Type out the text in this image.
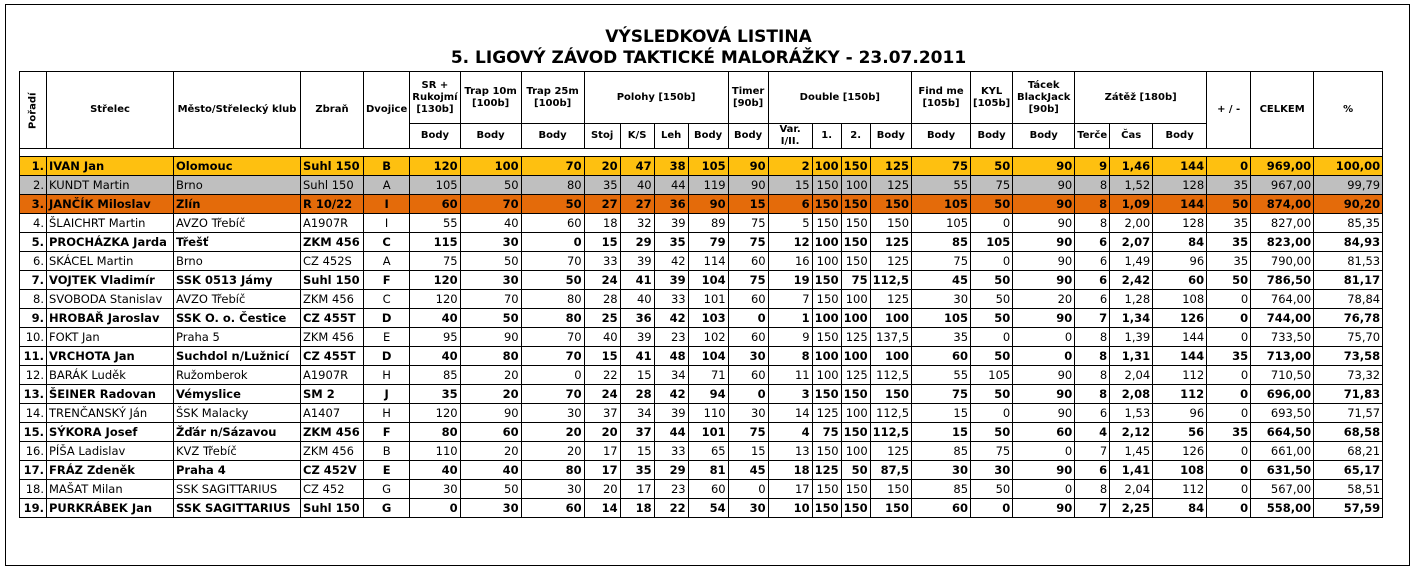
VÝSLEDKOVÁ LISTINA
5. LIGOVÝ ZÁVOD TAKTICKÉ MALORÁŽKY - 23.07.2011
Pořadí	Střelec	Město/Střelecký klub	Zbraň	Dvojice	SR + Rukojmí [130b]	Trap 10m [100b]	Trap 25m [100b]	Polohy [150b]				Timer [90b]	Double [150b]				Find me [105b]	KYL [105b]	Tácek BlackJack [90b]	Zátěž [180b]			+ / -	CELKEM	%
					Body	Body	Body	Stoj	K/S	Leh	Body	Body	Var. I/II.	1.	2.	Body	Body	Body	Body	Terče	Čas	Body			

1.	IVAN Jan	Olomouc	Suhl 150	B	120	100	70	20	47	38	105	90	2	100	150	125	75	50	90	9	1,46	144	0	969,00	100,00
2.	KUNDT Martin	Brno	Suhl 150	A	105	50	80	35	40	44	119	90	15	150	100	125	55	75	90	8	1,52	128	35	967,00	99,79
3.	JANČÍK Miloslav	Zlín	R 10/22	I	60	70	50	27	27	36	90	15	6	150	150	150	105	50	90	8	1,09	144	50	874,00	90,20
4.	ŠLAICHRT Martin	AVZO Třebíč	A1907R	I	55	40	60	18	32	39	89	75	5	150	150	150	105	0	90	8	2,00	128	35	827,00	85,35
5.	PROCHÁZKA Jarda	Třešť	ZKM 456	C	115	30	0	15	29	35	79	75	12	100	150	125	85	105	90	6	2,07	84	35	823,00	84,93
6.	SKÁCEL Martin	Brno	CZ 452S	A	75	50	70	33	39	42	114	60	16	100	150	125	75	0	90	6	1,49	96	35	790,00	81,53
7.	VOJTEK Vladimír	SSK 0513 Jámy	Suhl 150	F	120	30	50	24	41	39	104	75	19	150	75	112,5	45	50	90	6	2,42	60	50	786,50	81,17
8.	SVOBODA Stanislav	AVZO Třebíč	ZKM 456	C	120	70	80	28	40	33	101	60	7	150	100	125	30	50	20	6	1,28	108	0	764,00	78,84
9.	HROBAŘ Jaroslav	SSK O. o. Čestice	CZ 455T	D	40	50	80	25	36	42	103	0	1	100	100	100	105	50	90	7	1,34	126	0	744,00	76,78
10.	FOKT Jan	Praha 5	ZKM 456	E	95	90	70	40	39	23	102	60	9	150	125	137,5	35	0	0	8	1,39	144	0	733,50	75,70
11.	VRCHOTA Jan	Suchdol n/Lužnicí	CZ 455T	D	40	80	70	15	41	48	104	30	8	100	100	100	60	50	0	8	1,31	144	35	713,00	73,58
12.	BARÁK Luděk	Ružomberok	A1907R	H	85	20	0	22	15	34	71	60	11	100	125	112,5	55	105	90	8	2,04	112	0	710,50	73,32
13.	ŠEINER Radovan	Vémyslice	SM 2	J	35	20	70	24	28	42	94	0	3	150	150	150	75	50	90	8	2,08	112	0	696,00	71,83
14.	TRENČANSKÝ Ján	ŠSK Malacky	A1407	H	120	90	30	37	34	39	110	30	14	125	100	112,5	15	0	90	6	1,53	96	0	693,50	71,57
15.	SÝKORA Josef	Žďár n/Sázavou	ZKM 456	F	80	60	20	20	37	44	101	75	4	75	150	112,5	15	50	60	4	2,12	56	35	664,50	68,58
16.	PÍŠA Ladislav	KVZ Třebíč	ZKM 456	B	110	20	20	17	15	33	65	15	13	150	100	125	85	75	0	7	1,45	126	0	661,00	68,21
17.	FRÁZ Zdeněk	Praha 4	CZ 452V	E	40	40	80	17	35	29	81	45	18	125	50	87,5	30	30	90	6	1,41	108	0	631,50	65,17
18.	MAŠAT Milan	SSK SAGITTARIUS	CZ 452	G	30	50	30	20	17	23	60	0	17	150	150	150	85	50	0	8	2,04	112	0	567,00	58,51
19.	PURKRÁBEK Jan	SSK SAGITTARIUS	Suhl 150	G	0	30	60	14	18	22	54	30	10	150	150	150	60	0	90	7	2,25	84	0	558,00	57,59
